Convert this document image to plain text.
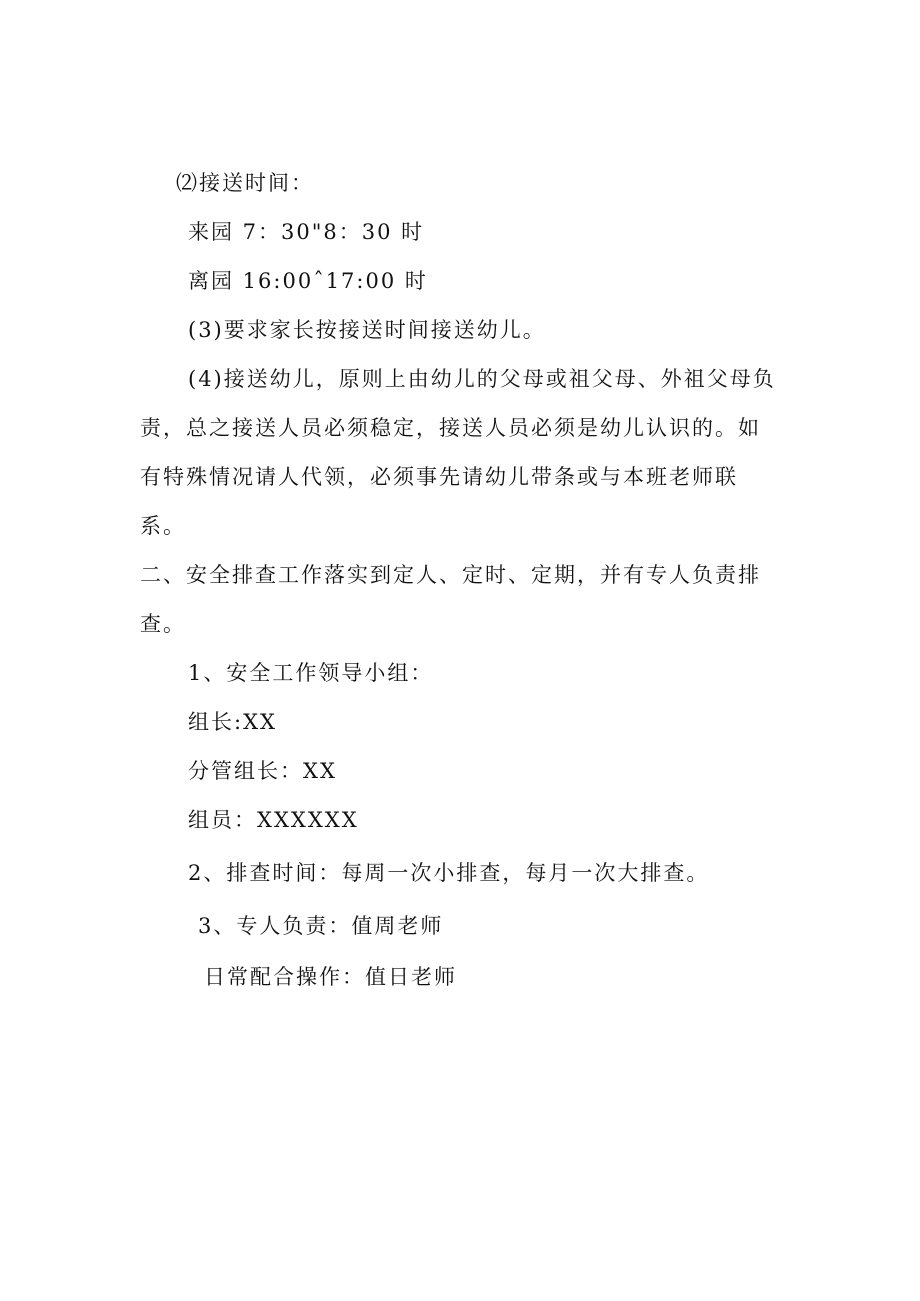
⑵接送时间：
来园 7：30"8：30 时
离园 16:00ˆ17:00 时
(3)要求家长按接送时间接送幼儿。
(4)接送幼儿，原则上由幼儿的父母或祖父母、外祖父母负
责，总之接送人员必须稳定，接送人员必须是幼儿认识的。如
有特殊情况请人代领，必须事先请幼儿带条或与本班老师联
系。
二、安全排查工作落实到定人、定时、定期，并有专人负责排
查。
1、安全工作领导小组：
组长:XX
分管组长：XX
组员：XXXXXX
2、排查时间：每周一次小排查，每月一次大排查。
3、专人负责：值周老师
日常配合操作：值日老师
